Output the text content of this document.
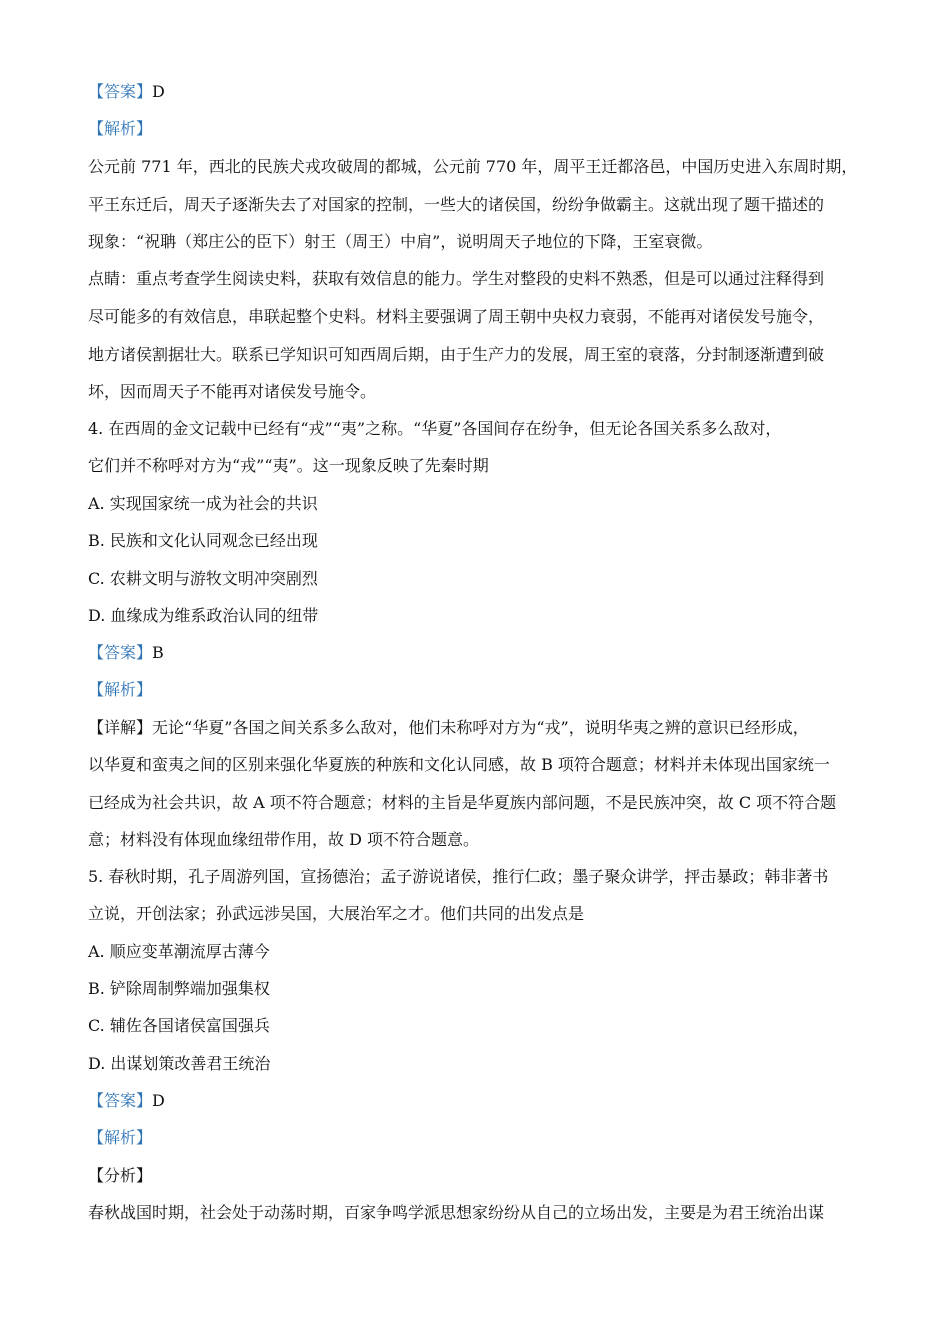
【答案】D
【解析】
公元前 771 年，西北的民族犬戎攻破周的都城，公元前 770 年，周平王迁都洛邑，中国历史进入东周时期，
平王东迁后，周天子逐渐失去了对国家的控制，一些大的诸侯国，纷纷争做霸主。这就出现了题干描述的
现象：“祝聃（郑庄公的臣下）射王（周王）中肩”，说明周天子地位的下降，王室衰微。
点睛：重点考查学生阅读史料，获取有效信息的能力。学生对整段的史料不熟悉，但是可以通过注释得到
尽可能多的有效信息，串联起整个史料。材料主要强调了周王朝中央权力衰弱，不能再对诸侯发号施令，
地方诸侯割据壮大。联系已学知识可知西周后期，由于生产力的发展，周王室的衰落，分封制逐渐遭到破
坏，因而周天子不能再对诸侯发号施令。
4. 在西周的金文记载中已经有“戎”“夷”之称。“华夏”各国间存在纷争，但无论各国关系多么敌对，
它们并不称呼对方为“戎”“夷”。这一现象反映了先秦时期
A. 实现国家统一成为社会的共识
B. 民族和文化认同观念已经出现
C. 农耕文明与游牧文明冲突剧烈
D. 血缘成为维系政治认同的纽带
【答案】B
【解析】
【详解】无论“华夏”各国之间关系多么敌对，他们未称呼对方为“戎”，说明华夷之辨的意识已经形成，
以华夏和蛮夷之间的区别来强化华夏族的种族和文化认同感，故 B 项符合题意；材料并未体现出国家统一
已经成为社会共识，故 A 项不符合题意；材料的主旨是华夏族内部问题，不是民族冲突，故 C 项不符合题
意；材料没有体现血缘纽带作用，故 D 项不符合题意。
5. 春秋时期，孔子周游列国，宣扬德治；孟子游说诸侯，推行仁政；墨子聚众讲学，抨击暴政；韩非著书
立说，开创法家；孙武远涉吴国，大展治军之才。他们共同的出发点是
A. 顺应变革潮流厚古薄今
B. 铲除周制弊端加强集权
C. 辅佐各国诸侯富国强兵
D. 出谋划策改善君王统治
【答案】D
【解析】
【分析】
春秋战国时期，社会处于动荡时期，百家争鸣学派思想家纷纷从自己的立场出发，主要是为君王统治出谋
